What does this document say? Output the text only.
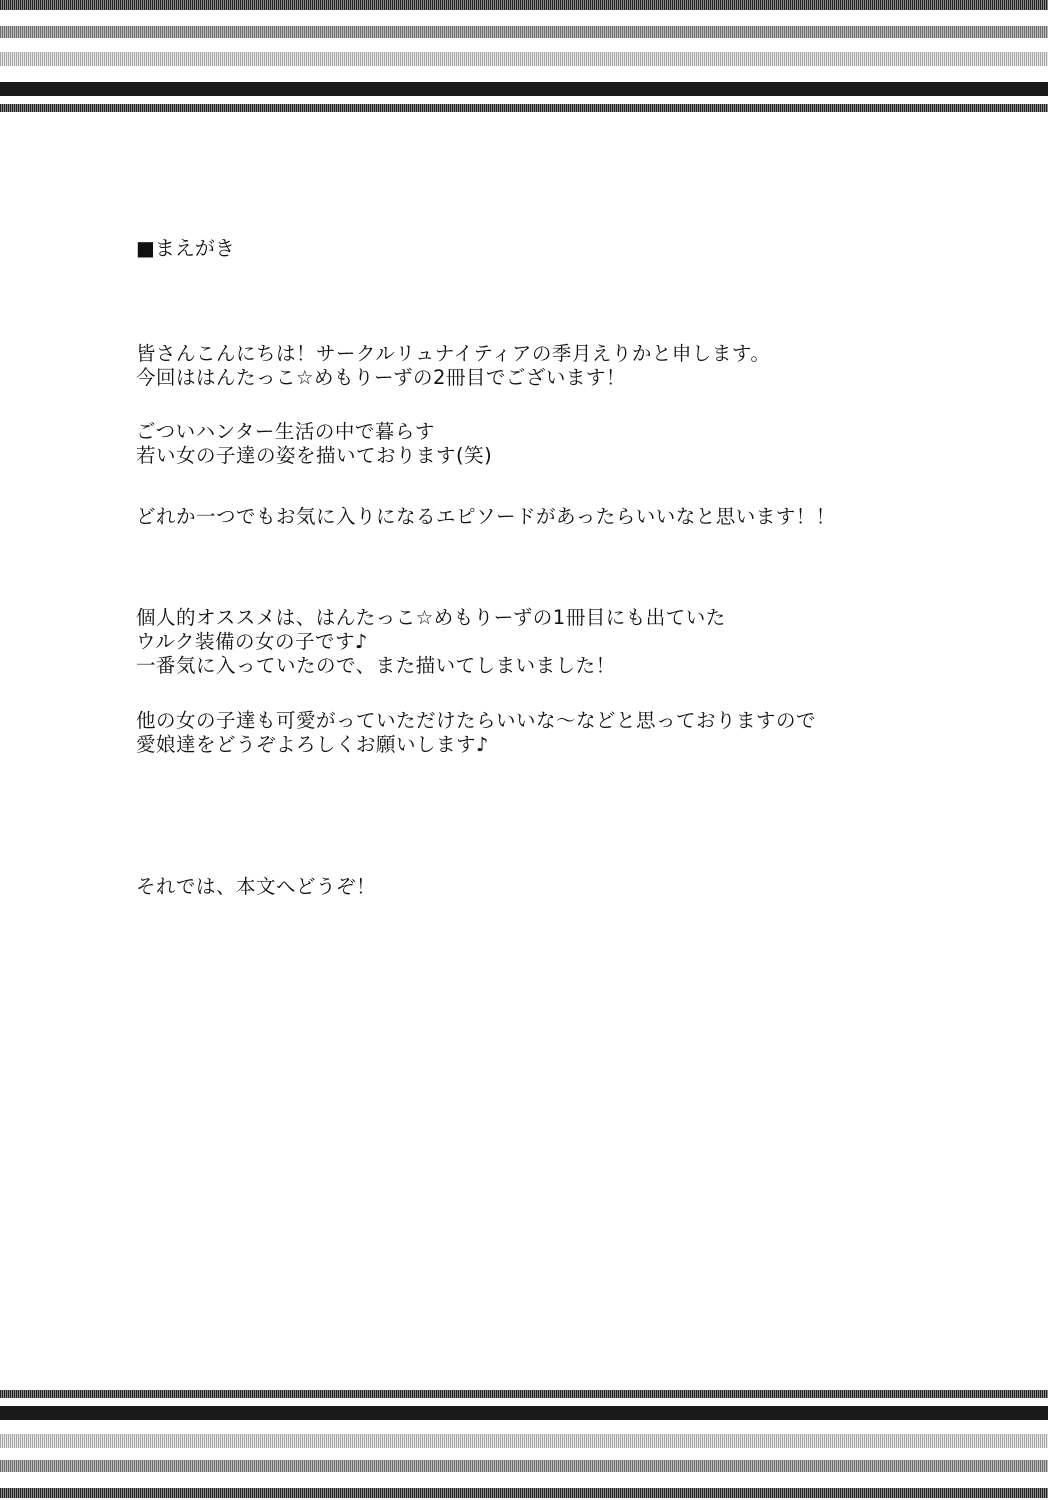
■まえがき
皆さんこんにちは！サークルリュナイティアの季月えりかと申します。
今回ははんたっこ☆めもりーずの2冊目でございます！
ごついハンター生活の中で暮らす
若い女の子達の姿を描いております(笑)
どれか一つでもお気に入りになるエピソードがあったらいいなと思います！！
個人的オススメは、はんたっこ☆めもりーずの1冊目にも出ていた
ウルク装備の女の子です♪
一番気に入っていたので、また描いてしまいました！
他の女の子達も可愛がっていただけたらいいな～などと思っておりますので
愛娘達をどうぞよろしくお願いします♪
それでは、本文へどうぞ！
